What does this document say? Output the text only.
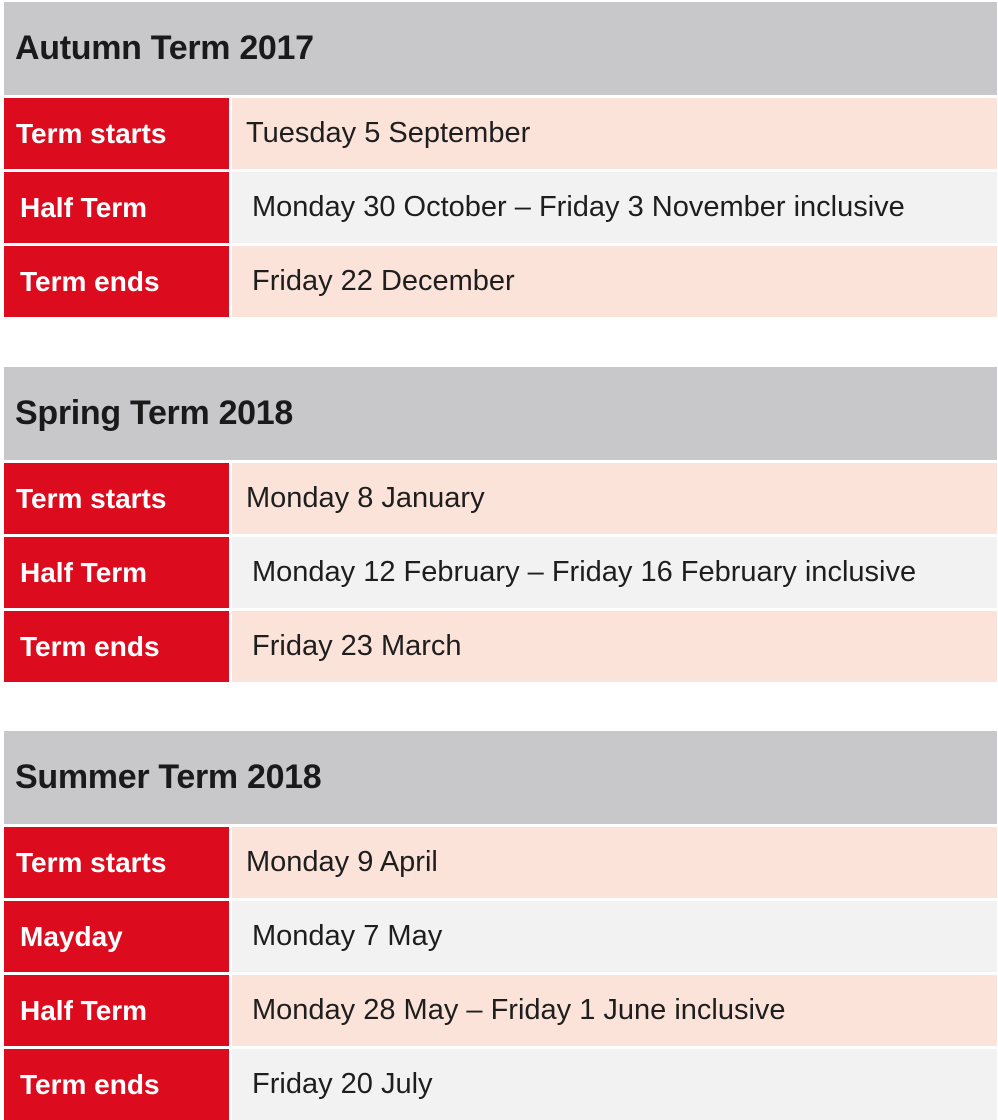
Autumn Term 2017
Term starts	Tuesday 5 September
Half Term	Monday 30 October – Friday 3 November inclusive
Term ends	Friday 22 December
Spring Term 2018
Term starts	Monday 8 January
Half Term	Monday 12 February – Friday 16 February inclusive
Term ends	Friday 23 March
Summer Term 2018
Term starts	Monday 9 April
Mayday	Monday 7 May
Half Term	Monday 28 May – Friday 1 June inclusive
Term ends	Friday 20 July
